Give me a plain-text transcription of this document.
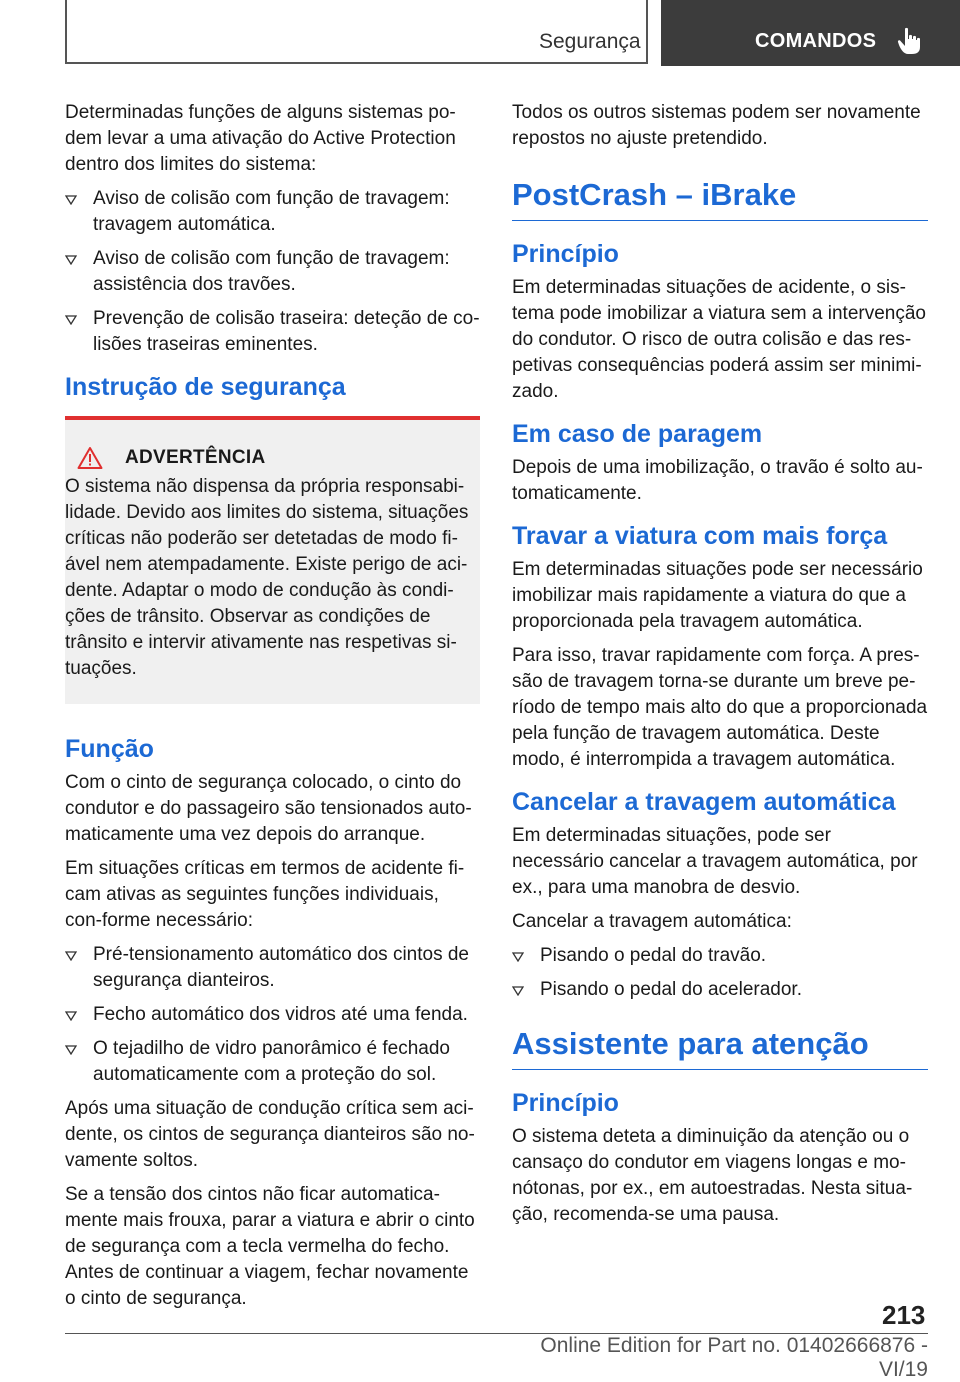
Segurança	COMANDOS

Determinadas funções de alguns sistemas po-dem levar a uma ativação do Active Protection dentro dos limites do sistema:

Aviso de colisão com função de travagem: travagem automática.
Aviso de colisão com função de travagem: assistência dos travões.
Prevenção de colisão traseira: deteção de co-lisões traseiras eminentes.
Instrução de segurança
ADVERTÊNCIA

O sistema não dispensa da própria responsabi-lidade. Devido aos limites do sistema, situações críticas não poderão ser detetadas de modo fi-ável nem atempadamente. Existe perigo de aci-dente. Adaptar o modo de condução às condi-ções de trânsito. Observar as condições de trânsito e intervir ativamente nas respetivas si-tuações.

Função

Com o cinto de segurança colocado, o cinto do condutor e do passageiro são tensionados auto-maticamente uma vez depois do arranque.

Em situações críticas em termos de acidente fi-cam ativas as seguintes funções individuais, con-forme necessário:

Pré-tensionamento automático dos cintos de segurança dianteiros.
Fecho automático dos vidros até uma fenda.
O tejadilho de vidro panorâmico é fechado automaticamente com a proteção do sol.

Após uma situação de condução crítica sem aci-dente, os cintos de segurança dianteiros são no-vamente soltos.

Se a tensão dos cintos não ficar automatica-mente mais frouxa, parar a viatura e abrir o cinto de segurança com a tecla vermelha do fecho. Antes de continuar a viagem, fechar novamente o cinto de segurança.

Todos os outros sistemas podem ser novamente repostos no ajuste pretendido.

PostCrash – iBrake
Princípio

Em determinadas situações de acidente, o sis-tema pode imobilizar a viatura sem a intervenção do condutor. O risco de outra colisão e das res-petivas consequências poderá assim ser minimi-zado.

Em caso de paragem

Depois de uma imobilização, o travão é solto au-tomaticamente.

Travar a viatura com mais força

Em determinadas situações pode ser necessário imobilizar mais rapidamente a viatura do que a proporcionada pela travagem automática.

Para isso, travar rapidamente com força. A pres-são de travagem torna-se durante um breve pe-ríodo de tempo mais alto do que a proporcionada pela função de travagem automática. Deste modo, é interrompida a travagem automática.

Cancelar a travagem automática

Em determinadas situações, pode ser necessário cancelar a travagem automática, por ex., para uma manobra de desvio.

Cancelar a travagem automática:

Pisando o pedal do travão.
Pisando o pedal do acelerador.
Assistente para atenção
Princípio

O sistema deteta a diminuição da atenção ou o cansaço do condutor em viagens longas e mo-nótonas, por ex., em autoestradas. Nesta situa-ção, recomenda-se uma pausa.

213
Online Edition for Part no. 01402666876 - VI/19
